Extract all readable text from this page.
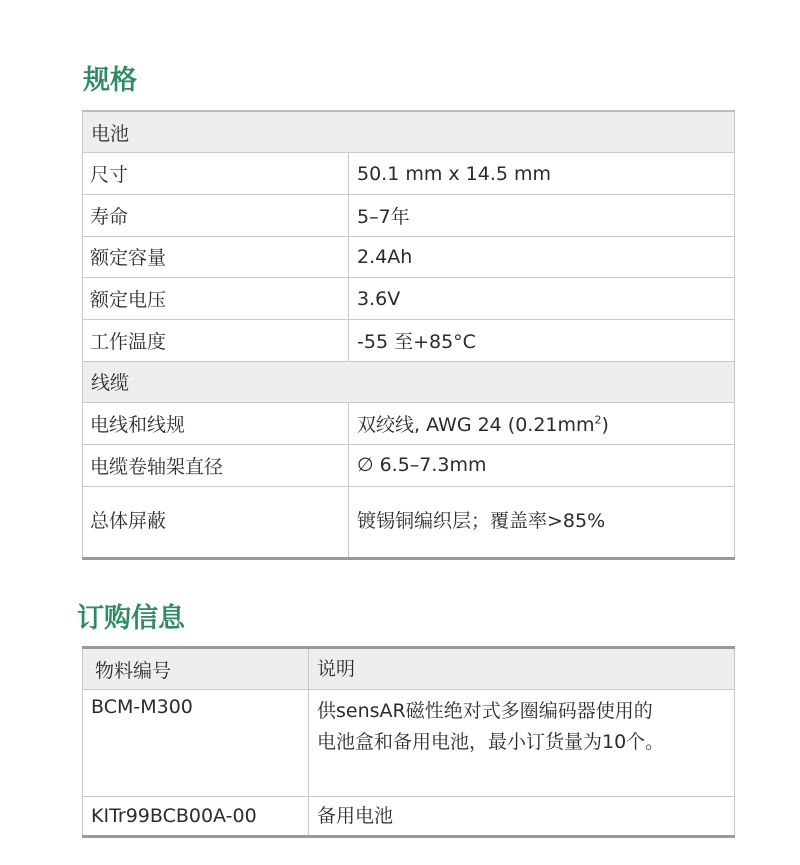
规格
电池	
尺寸	50.1 mm x 14.5 mm
寿命	5–7年
额定容量	2.4Ah
额定电压	3.6V
工作温度	-55 至+85°C
线缆	
电线和线规	双绞线, AWG 24 $(0.21mm^2)$
电缆卷轴架直径	∅ 6.5–7.3mm
总体屏蔽	镀锡铜编织层；覆盖率>85%
订购信息
物料编号	说明
BCM-M300	供sensAR磁性绝对式多圈编码器使用的
电池盒和备用电池，最小订货量为10个。

KITr99BCB00A-00	备用电池
